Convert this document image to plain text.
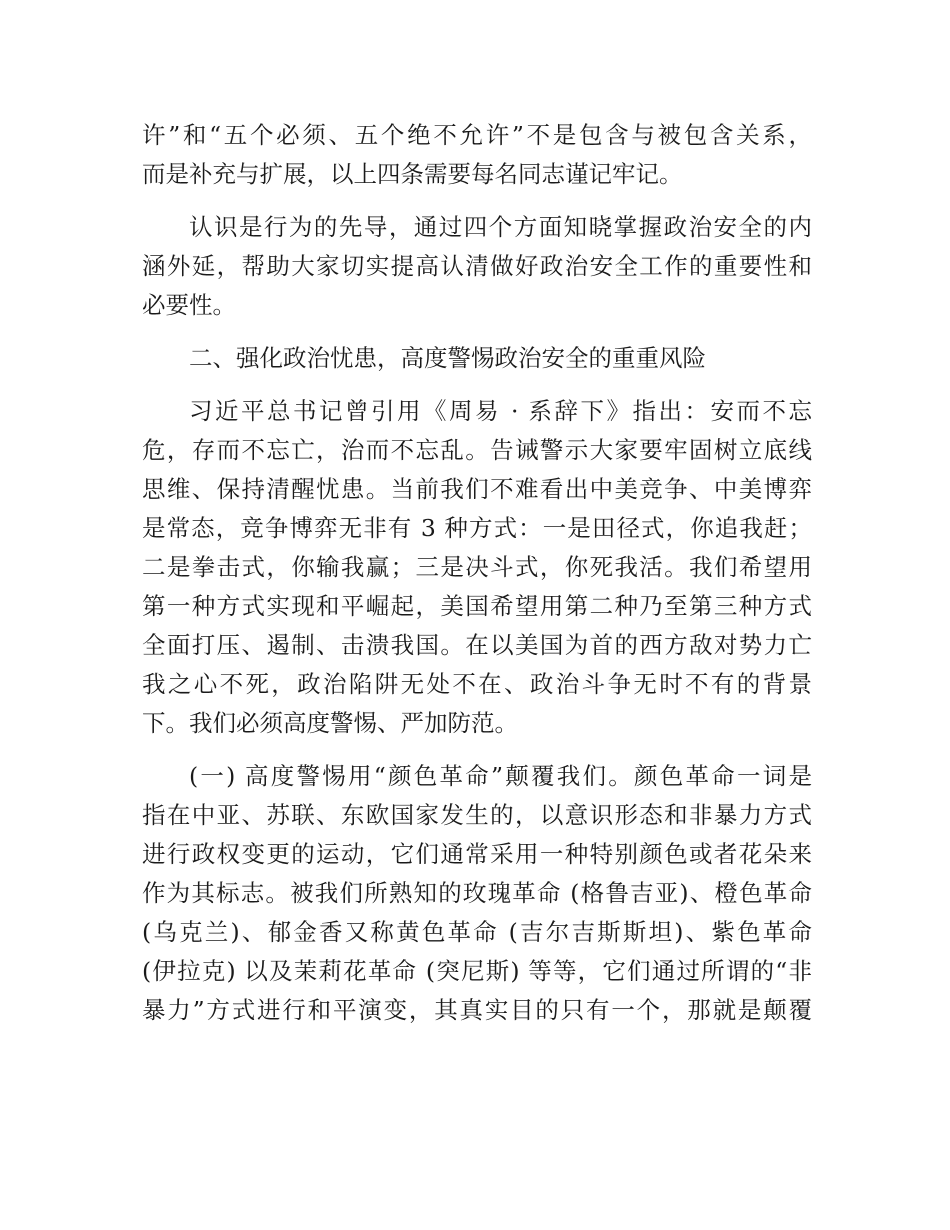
许”和“五个必须、五个绝不允许”不是包含与被包含关系，
而是补充与扩展，以上四条需要每名同志谨记牢记。
认识是行为的先导，通过四个方面知晓掌握政治安全的内
涵外延，帮助大家切实提高认清做好政治安全工作的重要性和
必要性。
二、强化政治忧患，高度警惕政治安全的重重风险
习近平总书记曾引用《周易 · 系辞下》指出：安而不忘
危，存而不忘亡，治而不忘乱。告诫警示大家要牢固树立底线
思维、保持清醒忧患。当前我们不难看出中美竞争、中美博弈
是常态，竞争博弈无非有 3 种方式：一是田径式，你追我赶；
二是拳击式，你输我赢；三是决斗式，你死我活。我们希望用
第一种方式实现和平崛起，美国希望用第二种乃至第三种方式
全面打压、遏制、击溃我国。在以美国为首的西方敌对势力亡
我之心不死，政治陷阱无处不在、政治斗争无时不有的背景
下。我们必须高度警惕、严加防范。
(一) 高度警惕用“颜色革命”颠覆我们。颜色革命一词是
指在中亚、苏联、东欧国家发生的，以意识形态和非暴力方式
进行政权变更的运动，它们通常采用一种特别颜色或者花朵来
作为其标志。被我们所熟知的玫瑰革命 (格鲁吉亚)、橙色革命
(乌克兰)、郁金香又称黄色革命 (吉尔吉斯斯坦)、紫色革命
(伊拉克) 以及茉莉花革命 (突尼斯) 等等，它们通过所谓的“非
暴力”方式进行和平演变，其真实目的只有一个，那就是颠覆
